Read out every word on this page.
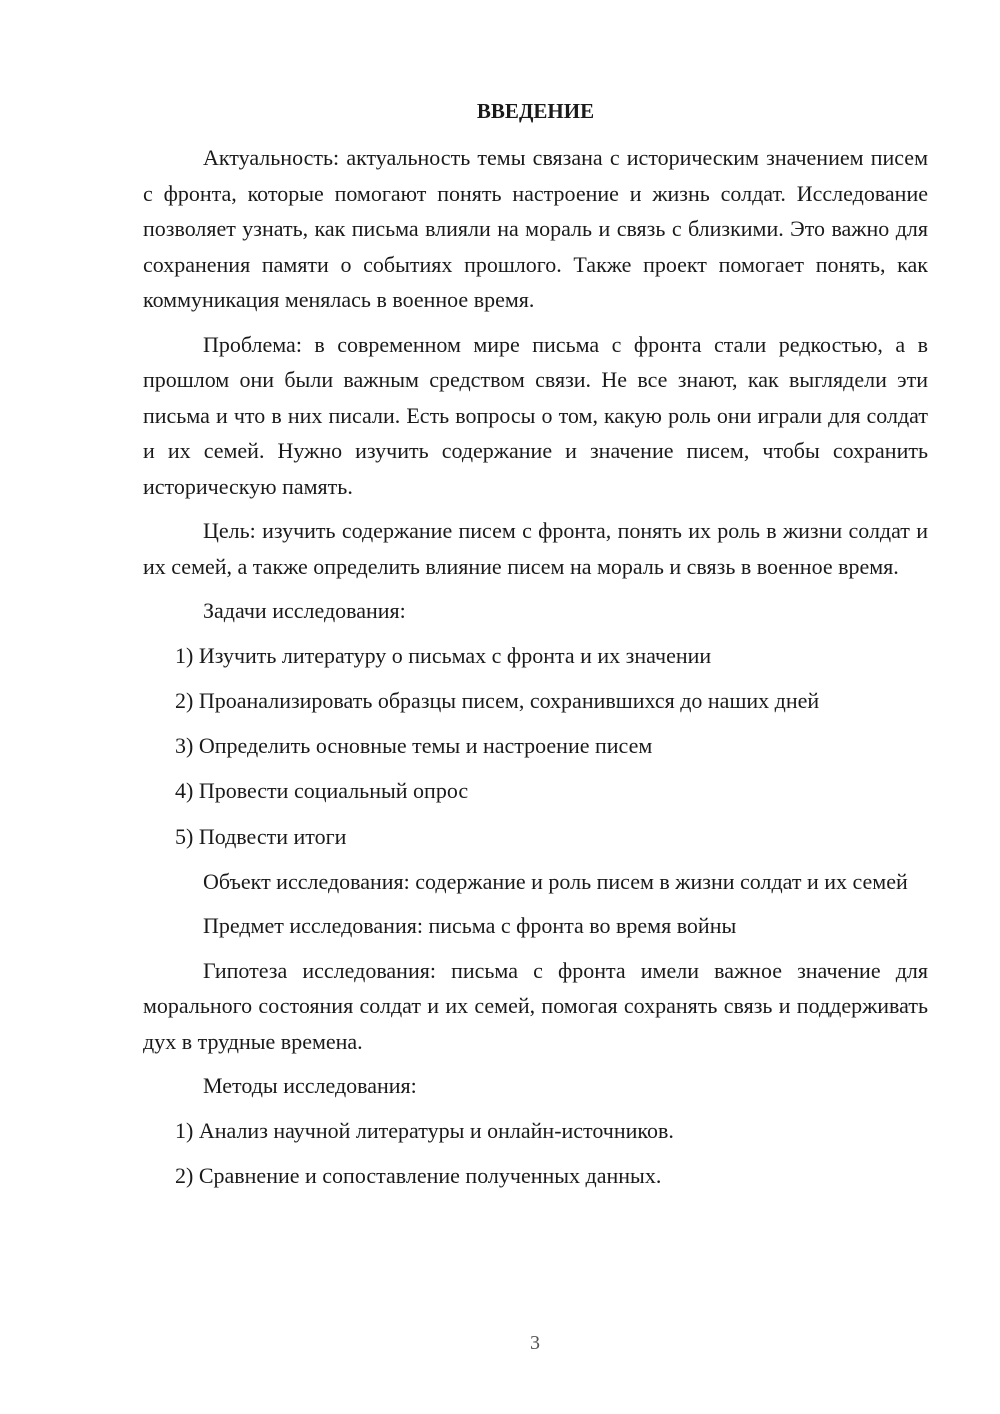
ВВЕДЕНИЕ

Актуальность: актуальность темы связана с историческим значением писем с фронта, которые помогают понять настроение и жизнь солдат. Исследование позволяет узнать, как письма влияли на мораль и связь с близкими. Это важно для сохранения памяти о событиях прошлого. Также проект помогает понять, как коммуникация менялась в военное время.

Проблема: в современном мире письма с фронта стали редкостью, а в прошлом они были важным средством связи. Не все знают, как выглядели эти письма и что в них писали. Есть вопросы о том, какую роль они играли для солдат и их семей. Нужно изучить содержание и значение писем, чтобы сохранить историческую память.

Цель: изучить содержание писем с фронта, понять их роль в жизни солдат и их семей, а также определить влияние писем на мораль и связь в военное время.

Задачи исследования:

1) Изучить литературу о письмах с фронта и их значении
2) Проанализировать образцы писем, сохранившихся до наших дней
3) Определить основные темы и настроение писем
4) Провести социальный опрос
5) Подвести итоги

Объект исследования: содержание и роль писем в жизни солдат и их семей

Предмет исследования: письма с фронта во время войны

Гипотеза исследования: письма с фронта имели важное значение для морального состояния солдат и их семей, помогая сохранять связь и поддерживать дух в трудные времена.

Методы исследования:

1) Анализ научной литературы и онлайн-источников.
2) Сравнение и сопоставление полученных данных.
3
